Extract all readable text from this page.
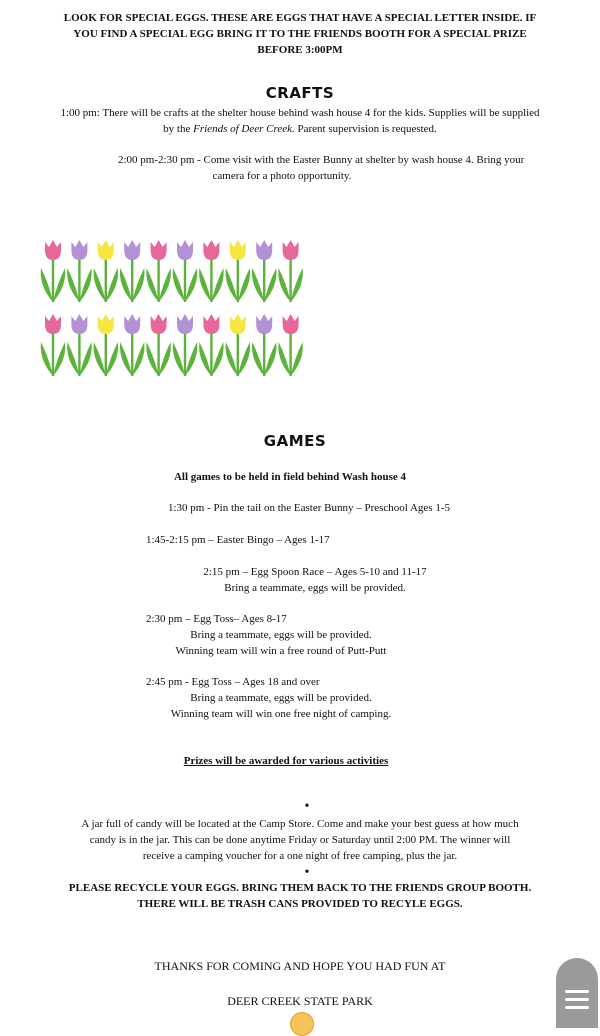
LOOK FOR SPECIAL EGGS. THESE ARE EGGS THAT HAVE A SPECIAL LETTER INSIDE. IF
YOU FIND A SPECIAL EGG BRING IT TO THE FRIENDS BOOTH FOR A SPECIAL PRIZE
BEFORE 3:00PM
CRAFTS
1:00 pm: There will be crafts at the shelter house behind wash house 4 for the kids. Supplies will be supplied
by the Friends of Deer Creek. Parent supervision is requested.
2:00 pm-2:30 pm - Come visit with the Easter Bunny at shelter by wash house 4. Bring your
camera for a photo opportunity.
GAMES
All games to be held in field behind Wash house 4
1:30 pm - Pin the tail on the Easter Bunny – Preschool Ages 1-5
1:45-2:15 pm – Easter Bingo – Ages 1-17
2:15 pm – Egg Spoon Race – Ages 5-10 and 11-17
Bring a teammate, eggs will be provided.
2:30 pm – Egg Toss– Ages 8-17
Bring a teammate, eggs will be provided.
Winning team will win a free round of Putt-Putt
2:45 pm - Egg Toss – Ages 18 and over
Bring a teammate, eggs will be provided.
Winning team will win one free night of camping.
Prizes will be awarded for various activities
•
A jar full of candy will be located at the Camp Store. Come and make your best guess at how much
candy is in the jar. This can be done anytime Friday or Saturday until 2:00 PM. The winner will
receive a camping voucher for a one night of free camping, plus the jar.
•
PLEASE RECYCLE YOUR EGGS. BRING THEM BACK TO THE FRIENDS GROUP BOOTH.
THERE WILL BE TRASH CANS PROVIDED TO RECYLE EGGS.
THANKS FOR COMING AND HOPE YOU HAD FUN AT
DEER CREEK STATE PARK
